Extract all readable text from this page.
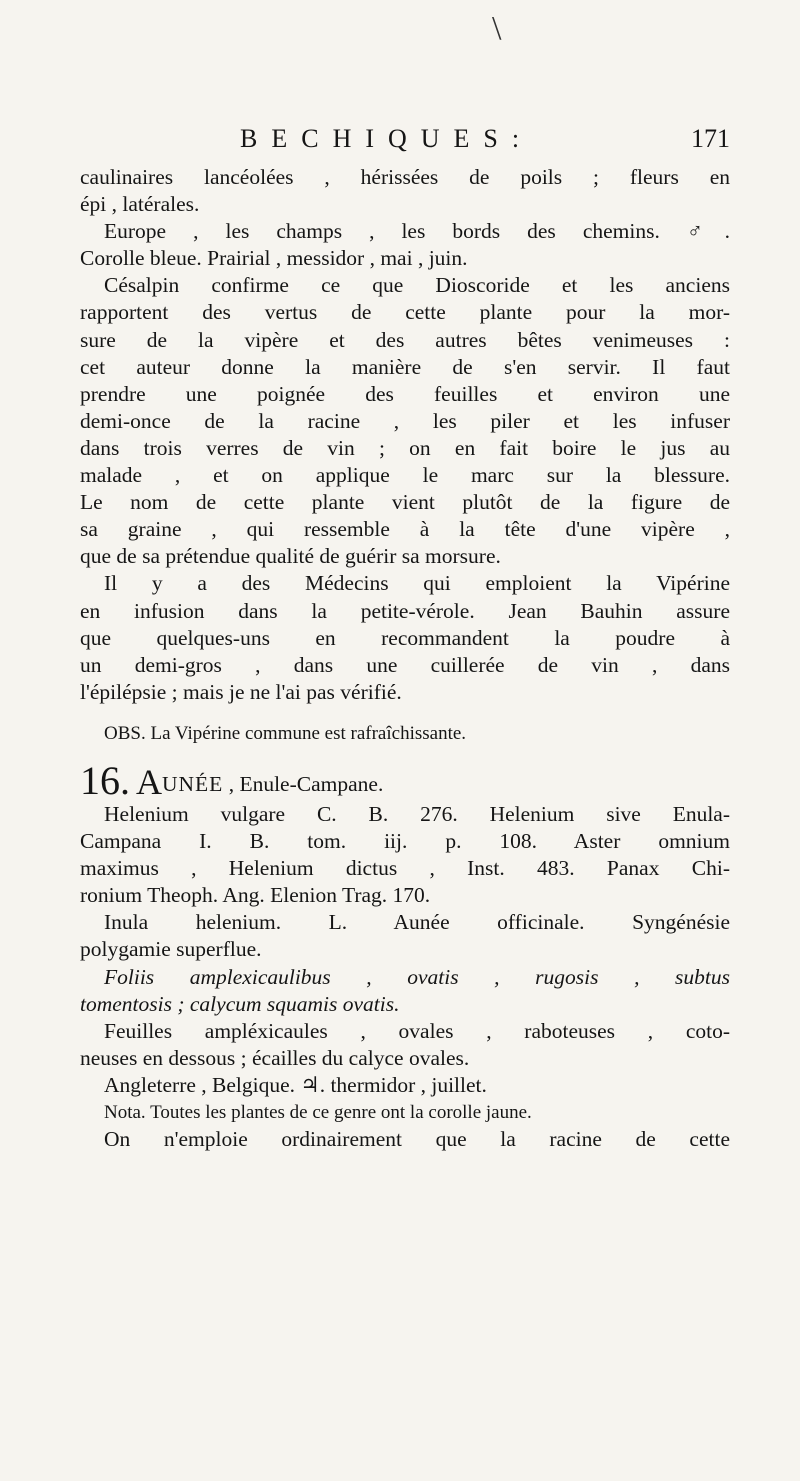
\
BECHIQUES:	171
caulinaires lancéolées , hérissées de poils ; fleurs en
épi , latérales.
Europe , les champs , les bords des chemins. ♂.
Corolle bleue. Prairial , messidor , mai , juin.
Césalpin confirme ce que Dioscoride et les anciens
rapportent des vertus de cette plante pour la mor-
sure de la vipère et des autres bêtes venimeuses :
cet auteur donne la manière de s'en servir. Il faut
prendre une poignée des feuilles et environ une
demi-once de la racine , les piler et les infuser
dans trois verres de vin ; on en fait boire le jus au
malade , et on applique le marc sur la blessure.
Le nom de cette plante vient plutôt de la figure de
sa graine , qui ressemble à la tête d'une vipère ,
que de sa prétendue qualité de guérir sa morsure.
Il y a des Médecins qui emploient la Vipérine
en infusion dans la petite-vérole. Jean Bauhin assure
que quelques-uns en recommandent la poudre à
un demi-gros , dans une cuillerée de vin , dans
l'épilépsie ; mais je ne l'ai pas vérifié.
OBS. La Vipérine commune est rafraîchissante.
16. AUNÉE , Enule-Campane.
Helenium vulgare C. B. 276. Helenium sive Enula-
Campana I. B. tom. iij. p. 108. Aster omnium
maximus , Helenium dictus , Inst. 483. Panax Chi-
ronium Theoph. Ang. Elenion Trag. 170.
Inula helenium. L. Aunée officinale. Syngénésie
polygamie superflue.
Foliis amplexicaulibus , ovatis , rugosis , subtus
tomentosis ; calycum squamis ovatis.
Feuilles ampléxicaules , ovales , raboteuses , coto-
neuses en dessous ; écailles du calyce ovales.
Angleterre , Belgique. ♃. thermidor , juillet.
Nota. Toutes les plantes de ce genre ont la corolle jaune.
On n'emploie ordinairement que la racine de cette
